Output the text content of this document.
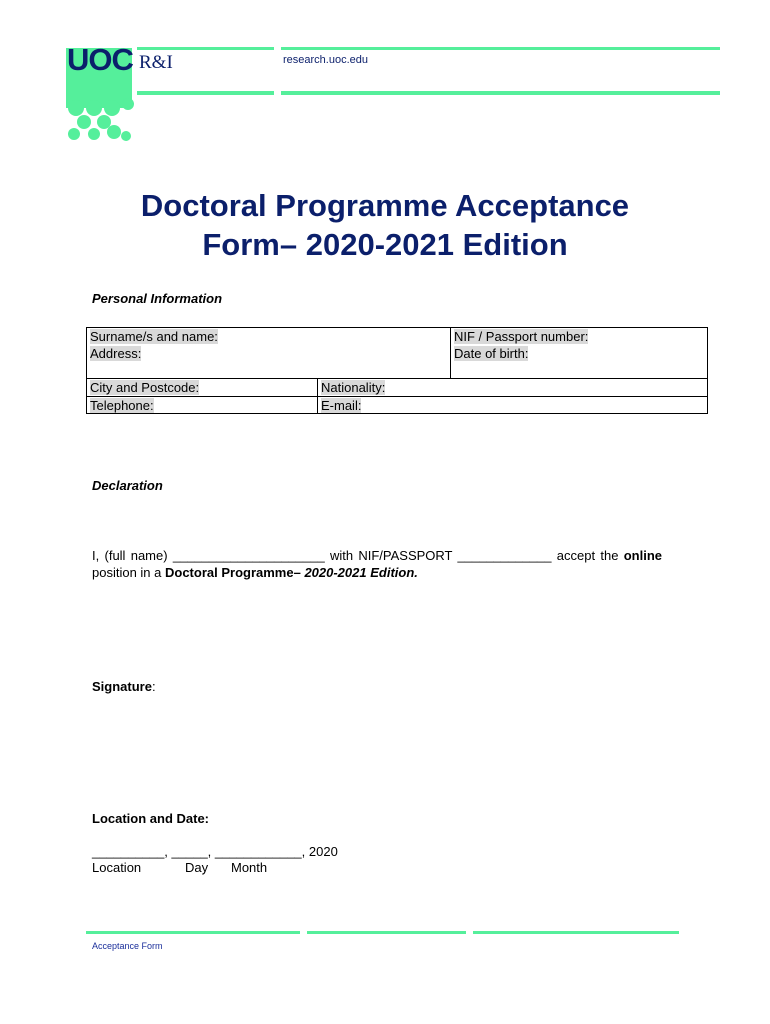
UOC R&I	research.uoc.edu
Doctoral Programme Acceptance
Form– 2020-2021 Edition
Personal Information
Surname/s and name:	NIF / Passport number:
Address:	Date of birth:
City and Postcode:	Nationality:
Telephone:	E-mail:
Declaration
I, (full name) _____________________ with NIF/PASSPORT _____________ accept the online position in a Doctoral Programme– 2020-2021 Edition.
Signature:
Location and Date:
__________, _____, ____________, 2020
Location	Day Month
Acceptance Form
